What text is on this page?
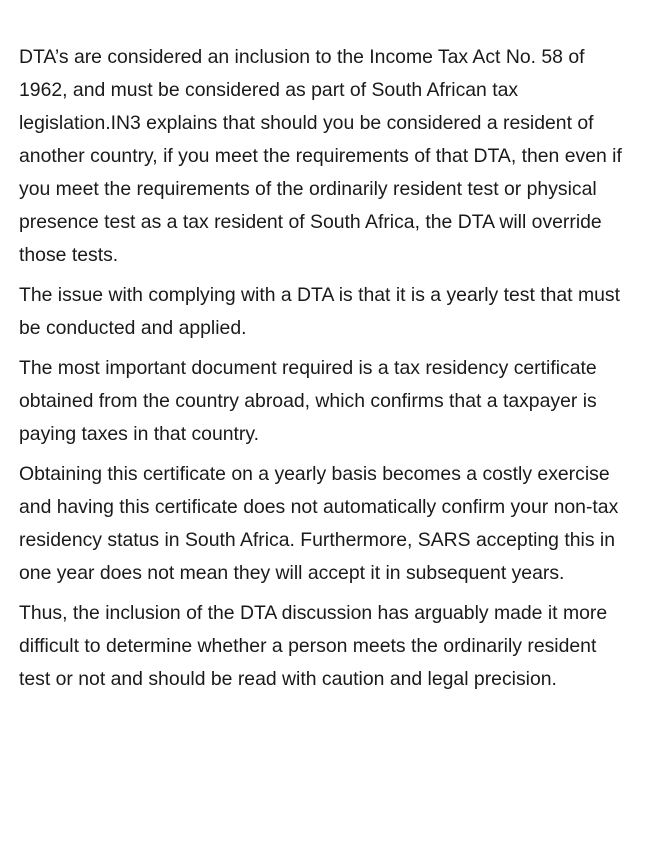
DTA’s are considered an inclusion to the Income Tax Act No. 58 of 1962, and must be considered as part of South African tax legislation.IN3 explains that should you be considered a resident of another country, if you meet the requirements of that DTA, then even if you meet the requirements of the ordinarily resident test or physical presence test as a tax resident of South Africa, the DTA will override those tests.

The issue with complying with a DTA is that it is a yearly test that must be conducted and applied.

The most important document required is a tax residency certificate obtained from the country abroad, which confirms that a taxpayer is paying taxes in that country.

Obtaining this certificate on a yearly basis becomes a costly exercise and having this certificate does not automatically confirm your non-tax residency status in South Africa. Furthermore, SARS accepting this in one year does not mean they will accept it in subsequent years.

Thus, the inclusion of the DTA discussion has arguably made it more difficult to determine whether a person meets the ordinarily resident test or not and should be read with caution and legal precision.
